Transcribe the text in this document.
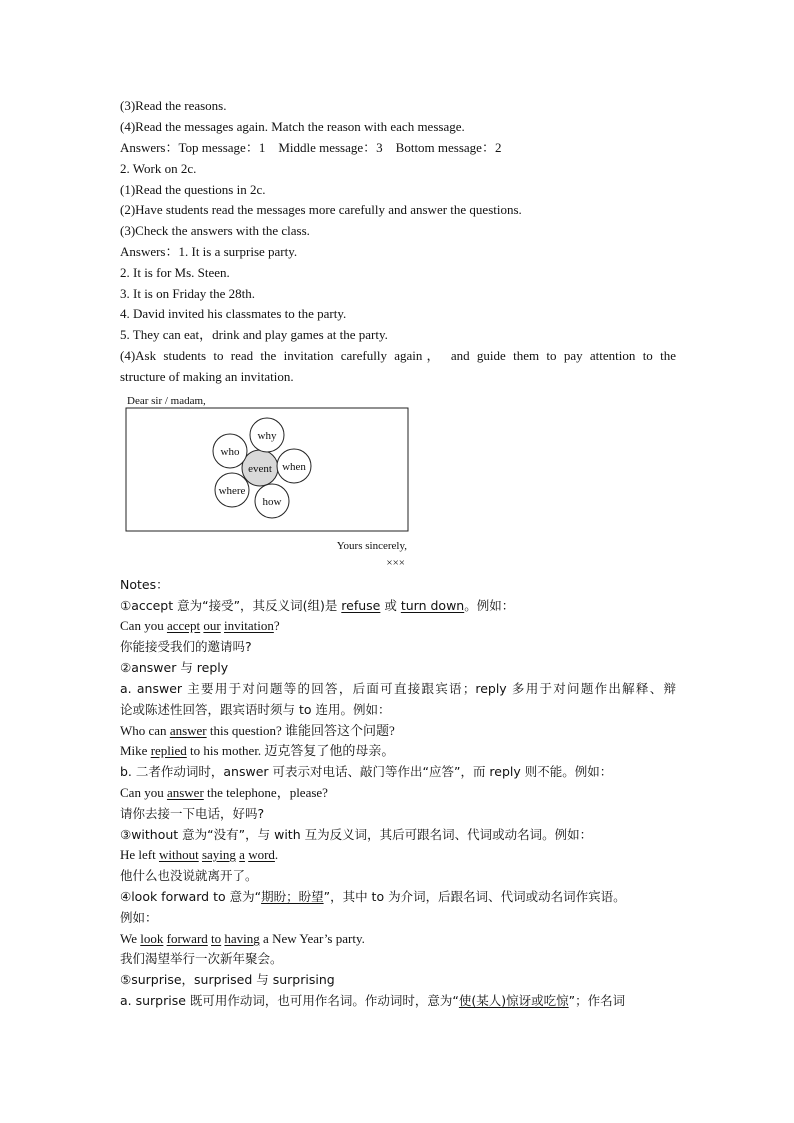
(3)Read the reasons.
(4)Read the messages again. Match the reason with each message.
Answers：Top message：1　Middle message：3　Bottom message：2
2. Work on 2c.
(1)Read the questions in 2c.
(2)Have students read the messages more carefully and answer the questions.
(3)Check the answers with the class.
Answers：1. It is a surprise party.
2. It is for Ms. Steen.
3. It is on Friday the 28th.
4. David invited his classmates to the party.
5. They can eat，drink and play games at the party.
(4)Ask students to read the invitation carefully again， and guide them to pay attention to the
structure of making an invitation.
Dear sir / madam,
event
who
why
when
where
how
Yours sincerely,
×××
Notes：
①accept 意为“接受”，其反义词(组)是 refuse 或 turn down。例如：
Can you accept our invitation?
你能接受我们的邀请吗?
②answer 与 reply
a. answer 主要用于对问题等的回答，后面可直接跟宾语；reply 多用于对问题作出解释、辩
论或陈述性回答，跟宾语时须与 to 连用。例如：
Who can answer this question? 谁能回答这个问题?
Mike replied to his mother. 迈克答复了他的母亲。
b. 二者作动词时，answer 可表示对电话、敲门等作出“应答”，而 reply 则不能。例如：
Can you answer the telephone，please?
请你去接一下电话，好吗?
③without 意为“没有”，与 with 互为反义词，其后可跟名词、代词或动名词。例如：
He left without saying a word.
他什么也没说就离开了。
④look forward to 意为“期盼；盼望”，其中 to 为介词，后跟名词、代词或动名词作宾语。
例如：
We look forward to having a New Year’s party.
我们渴望举行一次新年聚会。
⑤surprise，surprised 与 surprising
a. surprise 既可用作动词，也可用作名词。作动词时，意为“使(某人)惊讶或吃惊”；作名词
